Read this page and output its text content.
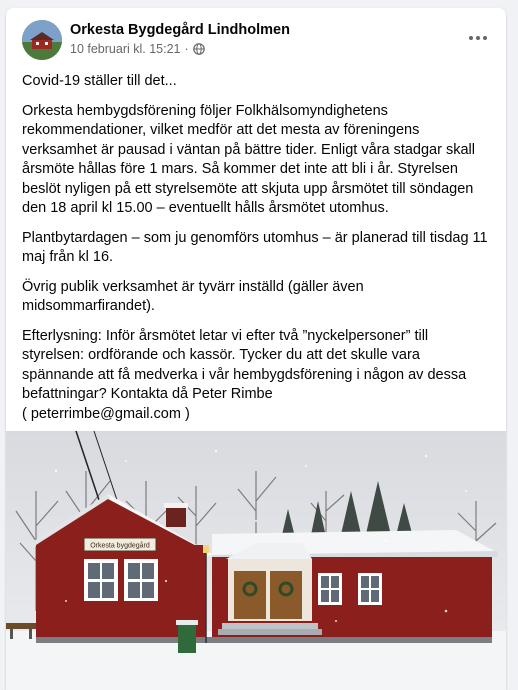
Orkesta Bygdegård Lindholmen
10 februari kl. 15:21 ·

Covid-19 ställer till det...

Orkesta hembygdsförening följer Folkhälsomyndighetens rekommendationer, vilket medför att det mesta av föreningens verksamhet är pausad i väntan på bättre tider. Enligt våra stadgar skall årsmöte hållas före 1 mars. Så kommer det inte att bli i år. Styrelsen beslöt nyligen på ett styrelsemöte att skjuta upp årsmötet till söndagen den 18 april kl 15.00 – eventuellt hålls årsmötet utomhus.

Plantbytardagen – som ju genomförs utomhus – är planerad till tisdag 11 maj från kl 16.

Övrig publik verksamhet är tyvärr inställd (gäller även midsommarfirandet).

Efterlysning: Inför årsmötet letar vi efter två ”nyckelpersoner” till styrelsen: ordförande och kassör. Tycker du att det skulle vara spännande att få medverka i vår hembygdsförening i någon av dessa befattningar? Kontakta då Peter Rimbe
( peterrimbe@gmail.com )

Orkesta bygdegård
